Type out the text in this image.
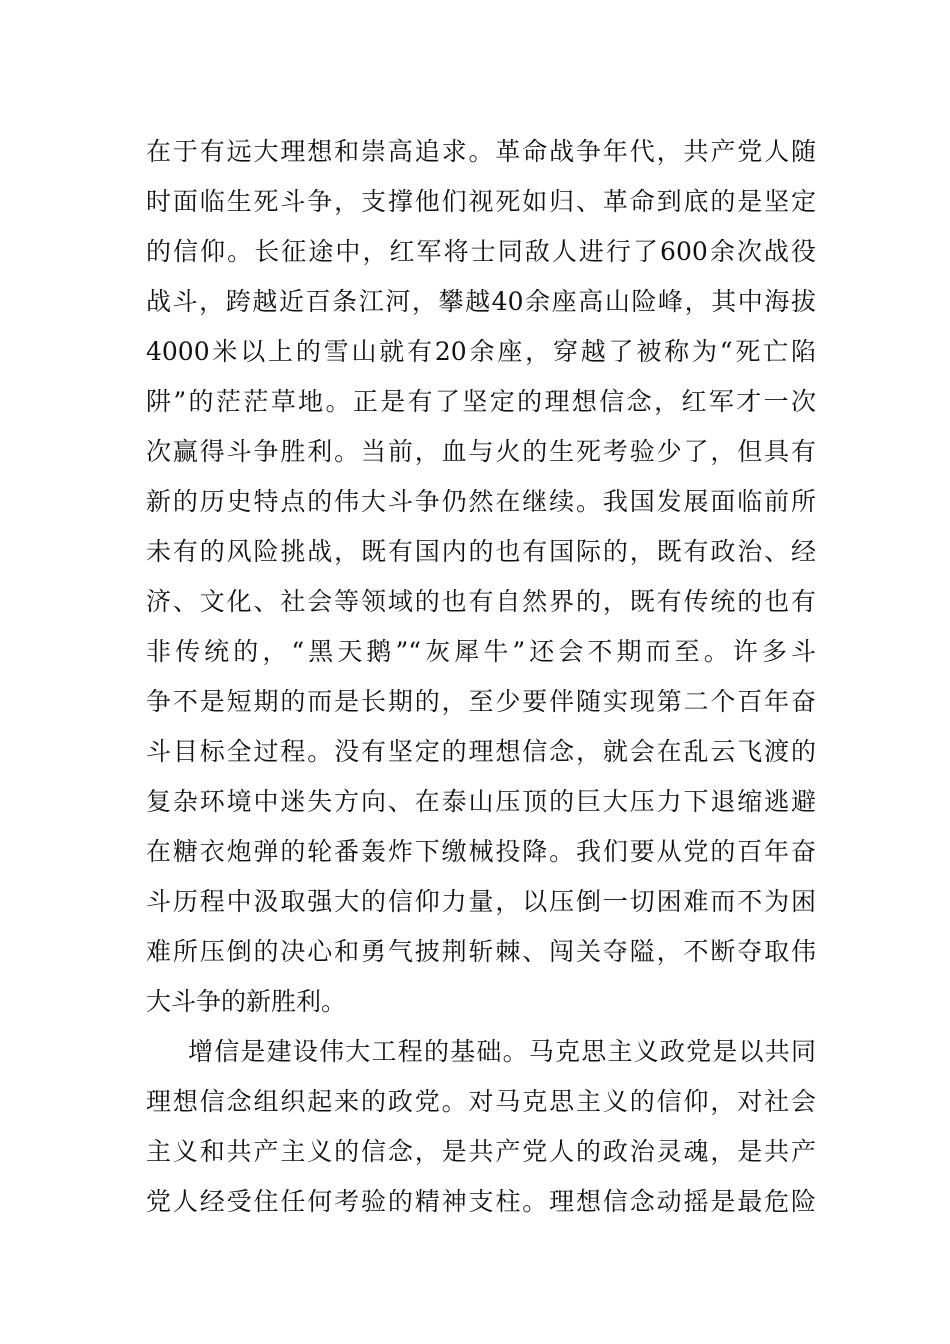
在于有远大理想和崇高追求。革命战争年代，共产党人随
时面临生死斗争，支撑他们视死如归、革命到底的是坚定
的信仰。长征途中，红军将士同敌人进行了600余次战役
战斗，跨越近百条江河，攀越40余座高山险峰，其中海拔
4000米以上的雪山就有20余座，穿越了被称为“死亡陷
阱”的茫茫草地。正是有了坚定的理想信念，红军才一次
次赢得斗争胜利。当前，血与火的生死考验少了，但具有
新的历史特点的伟大斗争仍然在继续。我国发展面临前所
未有的风险挑战，既有国内的也有国际的，既有政治、经
济、文化、社会等领域的也有自然界的，既有传统的也有
非传统的，“黑天鹅”“灰犀牛”还会不期而至。许多斗
争不是短期的而是长期的，至少要伴随实现第二个百年奋
斗目标全过程。没有坚定的理想信念，就会在乱云飞渡的
复杂环境中迷失方向、在泰山压顶的巨大压力下退缩逃避
在糖衣炮弹的轮番轰炸下缴械投降。我们要从党的百年奋
斗历程中汲取强大的信仰力量，以压倒一切困难而不为困
难所压倒的决心和勇气披荆斩棘、闯关夺隘，不断夺取伟
大斗争的新胜利。
增信是建设伟大工程的基础。马克思主义政党是以共同
理想信念组织起来的政党。对马克思主义的信仰，对社会
主义和共产主义的信念，是共产党人的政治灵魂，是共产
党人经受住任何考验的精神支柱。理想信念动摇是最危险
